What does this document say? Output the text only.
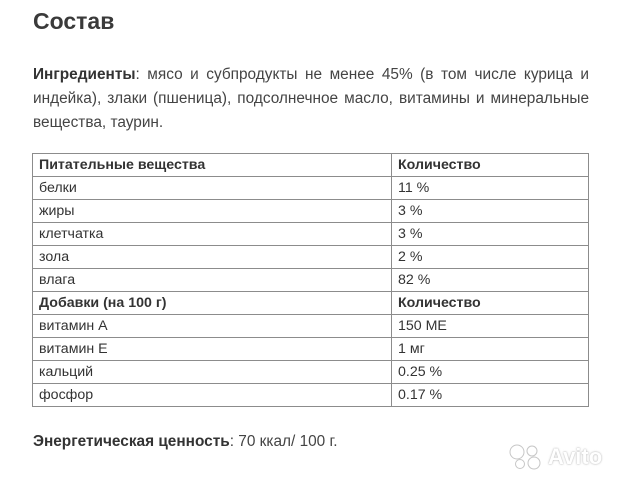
Состав
Ингредиенты: мясо и субпродукты не менее 45% (в том числе курица и индейка), злаки (пшеница), подсолнечное масло, витамины и минеральные вещества, таурин.
Питательные вещества	Количество
белки	11 %
жиры	3 %
клетчатка	3 %
зола	2 %
влага	82 %
Добавки (на 100 г)	Количество
витамин А	150 МЕ
витамин Е	1 мг
кальций	0.25 %
фосфор	0.17 %
Энергетическая ценность: 70 ккал/ 100 г.
Avito
